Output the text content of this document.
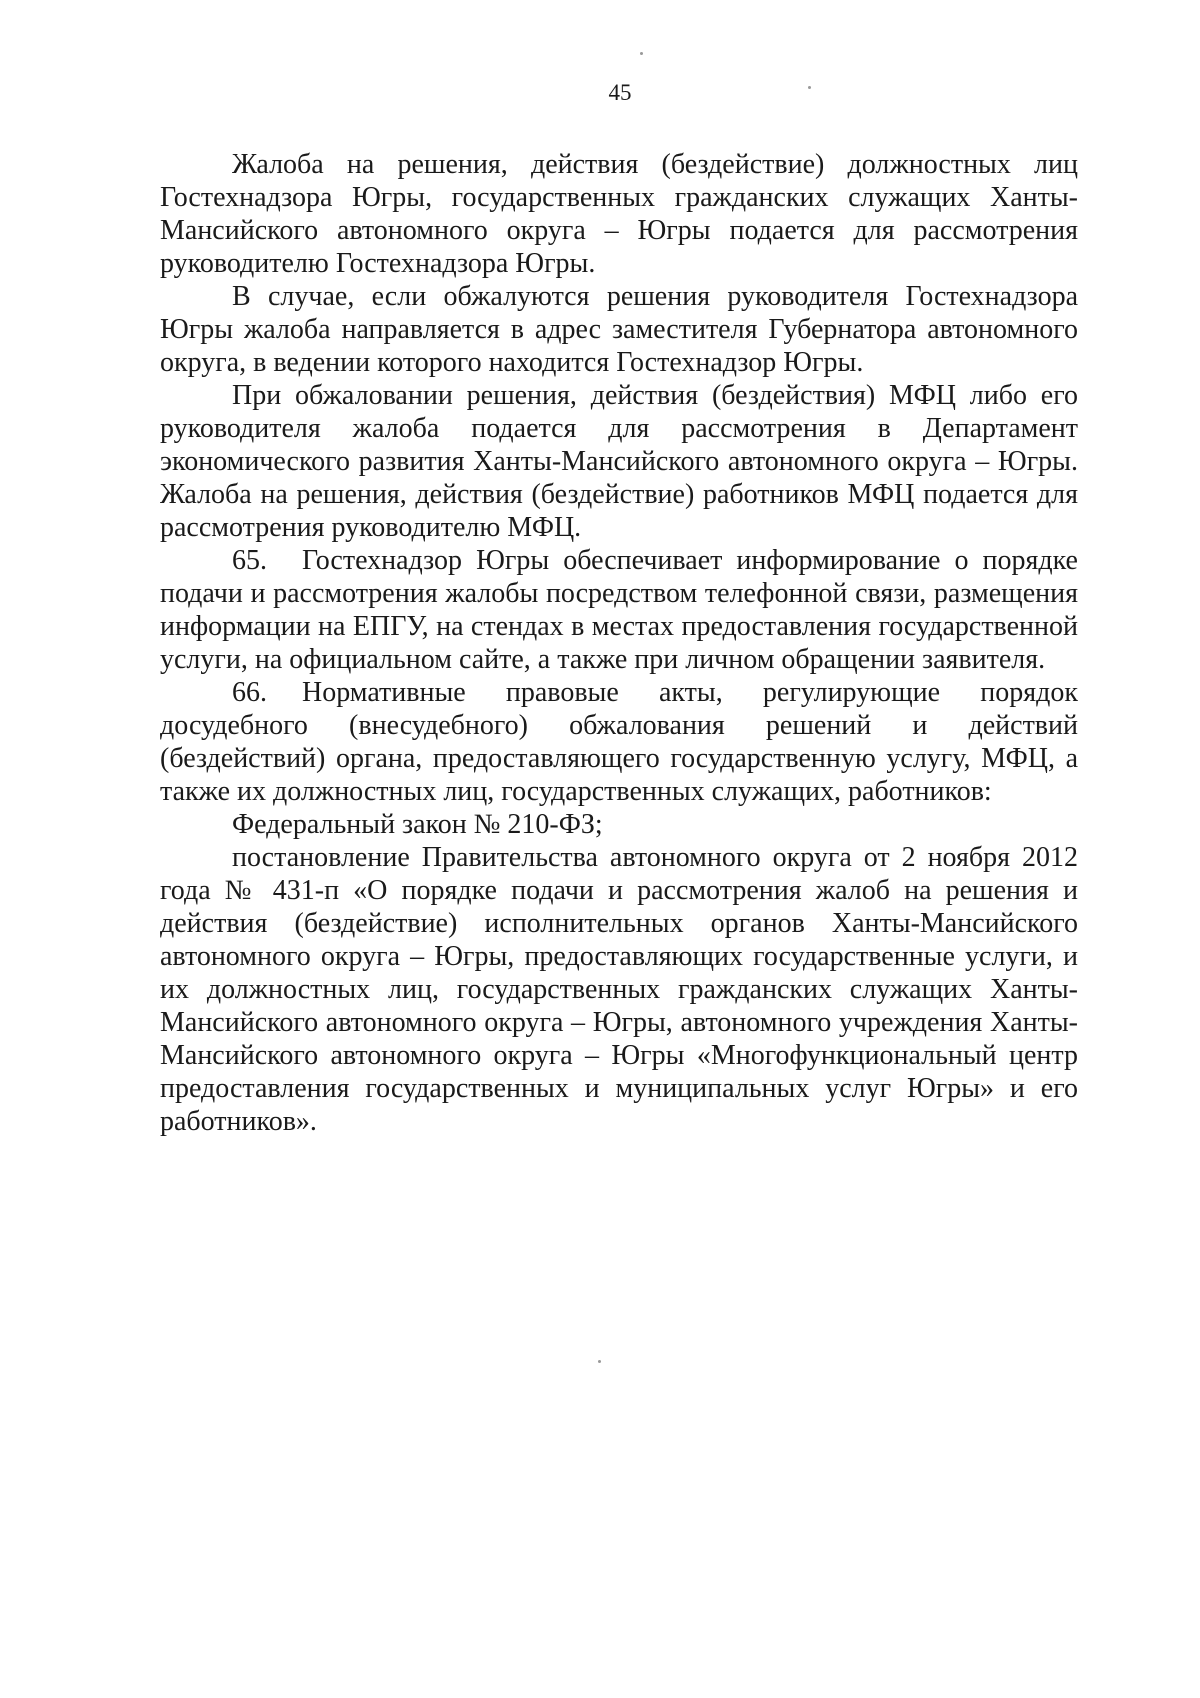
45

Жалоба на решения, действия (бездействие) должностных лиц Гостехнадзора Югры, государственных гражданских служащих Ханты-Мансийского автономного округа – Югры подается для рассмотрения руководителю Гостехнадзора Югры.

В случае, если обжалуются решения руководителя Гостехнадзора Югры жалоба направляется в адрес заместителя Губернатора автономного округа, в ведении которого находится Гостехнадзор Югры.

При обжаловании решения, действия (бездействия) МФЦ либо его руководителя жалоба подается для рассмотрения в Департамент экономического развития Ханты-Мансийского автономного округа – Югры. Жалоба на решения, действия (бездействие) работников МФЦ подается для рассмотрения руководителю МФЦ.

65. Гостехнадзор Югры обеспечивает информирование о порядке подачи и рассмотрения жалобы посредством телефонной связи, размещения информации на ЕПГУ, на стендах в местах предоставления государственной услуги, на официальном сайте, а также при личном обращении заявителя.

66. Нормативные правовые акты, регулирующие порядок досудебного (внесудебного) обжалования решений и действий (бездействий) органа, предоставляющего государственную услугу, МФЦ, а также их должностных лиц, государственных служащих, работников:

Федеральный закон № 210-ФЗ;

постановление Правительства автономного округа от 2 ноября 2012 года № 431-п «О порядке подачи и рассмотрения жалоб на решения и действия (бездействие) исполнительных органов Ханты-Мансийского автономного округа – Югры, предоставляющих государственные услуги, и их должностных лиц, государственных гражданских служащих Ханты-Мансийского автономного округа – Югры, автономного учреждения Ханты-Мансийского автономного округа – Югры «Многофункциональный центр предоставления государственных и муниципальных услуг Югры» и его работников».
